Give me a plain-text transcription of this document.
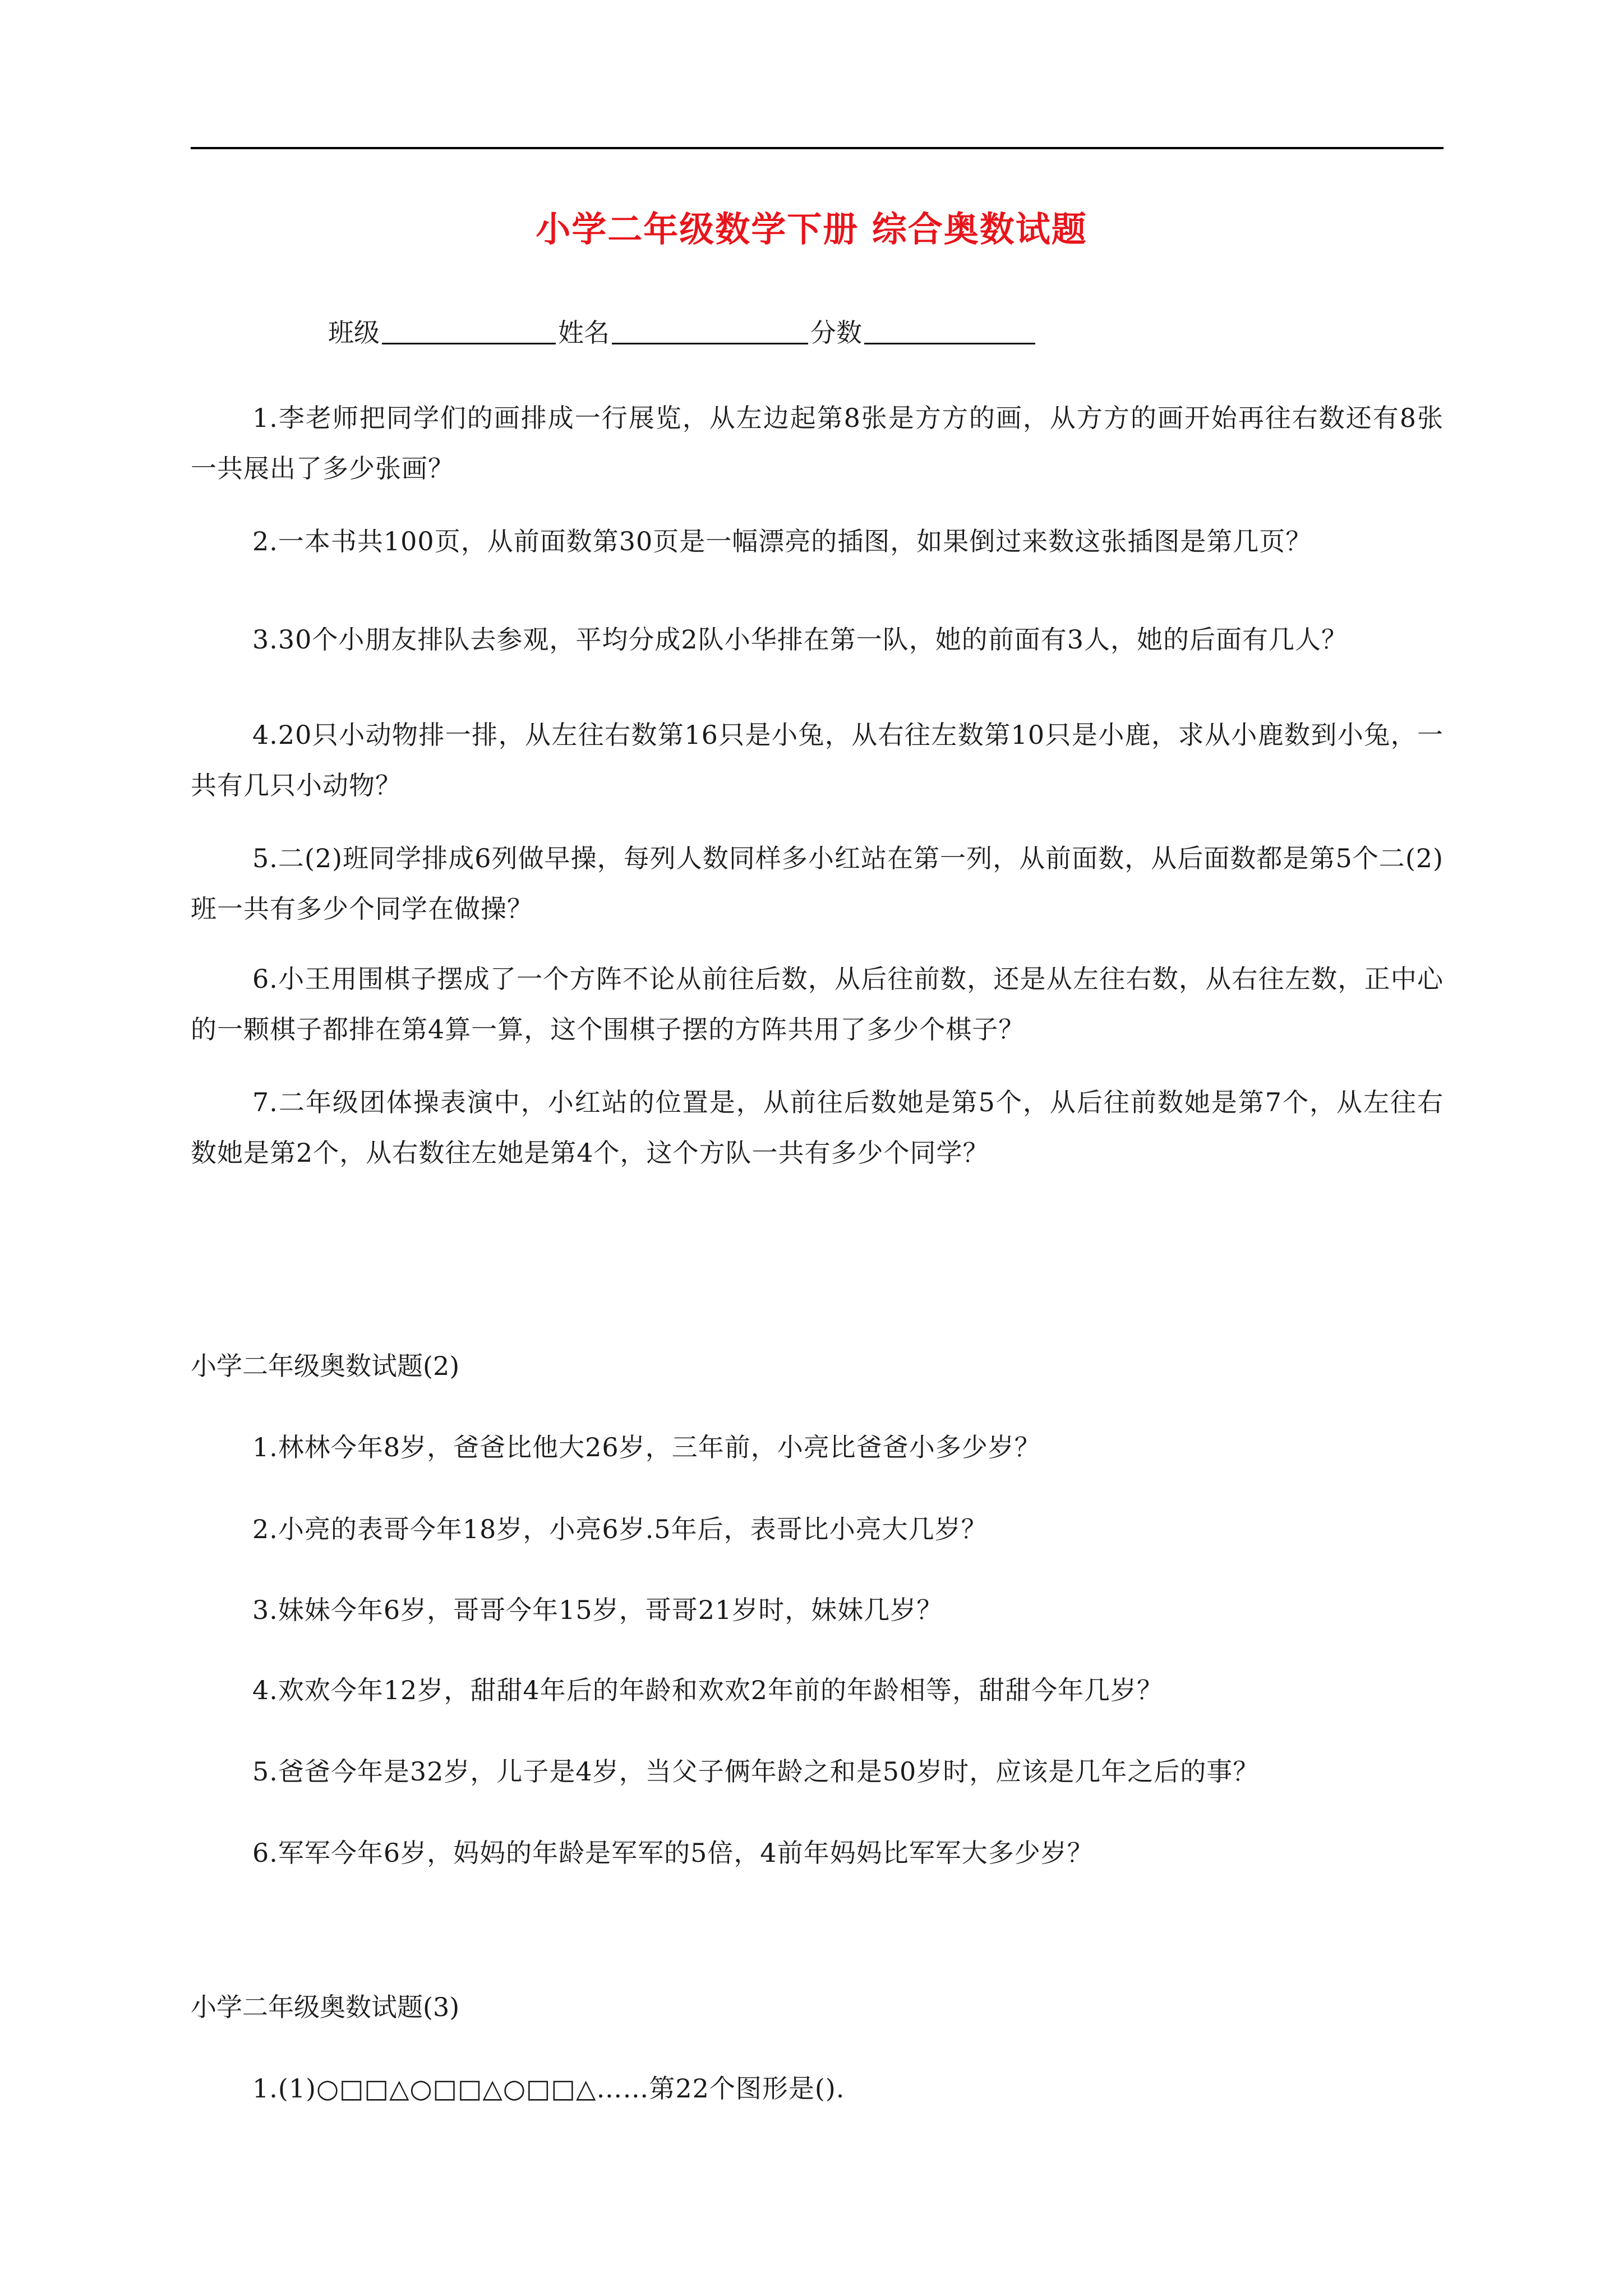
小学二年级数学下册 综合奥数试题
班级	姓名	分数
1.李老师把同学们的画排成一行展览，从左边起第8张是方方的画，从方方的画开始再往右数还有8张一共展出了多少张画？
2.一本书共100页，从前面数第30页是一幅漂亮的插图，如果倒过来数这张插图是第几页？
3.30个小朋友排队去参观，平均分成2队小华排在第一队，她的前面有3人，她的后面有几人？
4.20只小动物排一排，从左往右数第16只是小兔，从右往左数第10只是小鹿，求从小鹿数到小兔，一共有几只小动物？
5.二(2)班同学排成6列做早操，每列人数同样多小红站在第一列，从前面数，从后面数都是第5个二(2)班一共有多少个同学在做操？
6.小王用围棋子摆成了一个方阵不论从前往后数，从后往前数，还是从左往右数，从右往左数，正中心的一颗棋子都排在第4算一算，这个围棋子摆的方阵共用了多少个棋子？
7.二年级团体操表演中，小红站的位置是，从前往后数她是第5个，从后往前数她是第7个，从左往右数她是第2个，从右数往左她是第4个，这个方队一共有多少个同学？
小学二年级奥数试题(2)
1.林林今年8岁，爸爸比他大26岁，三年前，小亮比爸爸小多少岁？
2.小亮的表哥今年18岁，小亮6岁.5年后，表哥比小亮大几岁？
3.妹妹今年6岁，哥哥今年15岁，哥哥21岁时，妹妹几岁？
4.欢欢今年12岁，甜甜4年后的年龄和欢欢2年前的年龄相等，甜甜今年几岁？
5.爸爸今年是32岁，儿子是4岁，当父子俩年龄之和是50岁时，应该是几年之后的事？
6.军军今年6岁，妈妈的年龄是军军的5倍，4前年妈妈比军军大多少岁？
小学二年级奥数试题(3)
1.(1)○□□△○□□△○□□△……第22个图形是().
